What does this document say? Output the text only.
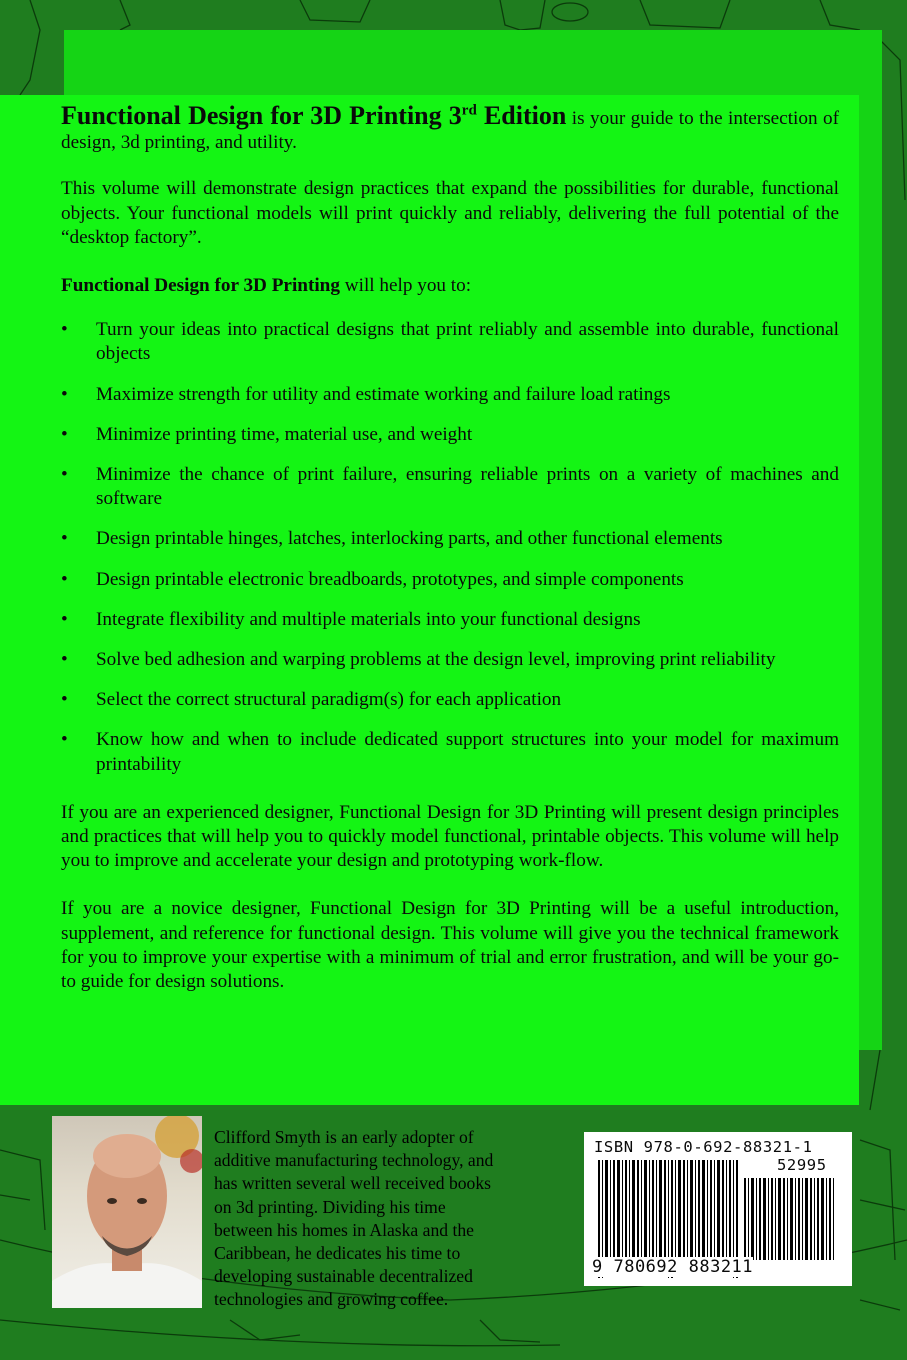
Functional Design for 3D Printing 3rd Edition is your guide to the intersection of design, 3d printing, and utility.

This volume will demonstrate design practices that expand the possibilities for durable, functional objects. Your functional models will print quickly and reliably, delivering the full potential of the “desktop factory”.

Functional Design for 3D Printing will help you to:

• Turn your ideas into practical designs that print reliably and assemble into durable, functional objects
• Maximize strength for utility and estimate working and failure load ratings
• Minimize printing time, material use, and weight
• Minimize the chance of print failure, ensuring reliable prints on a variety of machines and software
• Design printable hinges, latches, interlocking parts, and other functional elements
• Design printable electronic breadboards, prototypes, and simple components
• Integrate flexibility and multiple materials into your functional designs
• Solve bed adhesion and warping problems at the design level, improving print reliability
• Select the correct structural paradigm(s) for each application
• Know how and when to include dedicated support structures into your model for maximum printability

If you are an experienced designer, Functional Design for 3D Printing will present design principles and practices that will help you to quickly model functional, printable objects. This volume will help you to improve and accelerate your design and prototyping work-flow.

If you are a novice designer, Functional Design for 3D Printing will be a useful introduction, supplement, and reference for functional design. This volume will give you the technical framework for you to improve your expertise with a minimum of trial and error frustration, and will be your go-to guide for design solutions.

Clifford Smyth is an early adopter of
additive manufacturing technology, and
has written several well received books
on 3d printing. Dividing his time
between his homes in Alaska and the
Caribbean, he dedicates his time to
developing sustainable decentralized
technologies and growing coffee.
ISBN 978-0-692-88321-1
52995
9 780692 883211
